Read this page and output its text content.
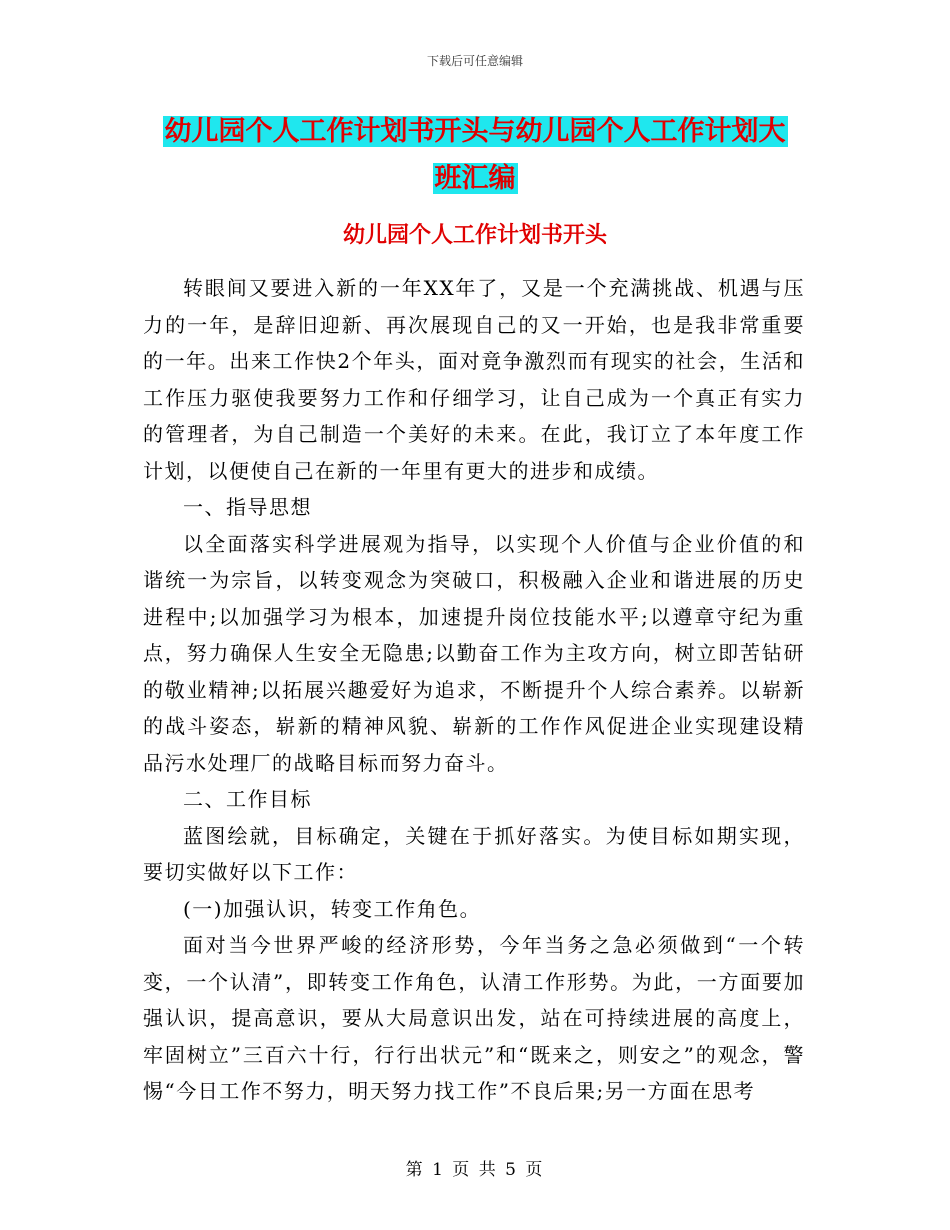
下载后可任意编辑
幼儿园个人工作计划书开头与幼儿园个人工作计划大
班汇编
幼儿园个人工作计划书开头

转眼间又要进入新的一年XX年了，又是一个充满挑战、机遇与压力的一年，是辞旧迎新、再次展现自己的又一开始，也是我非常重要的一年。出来工作快2个年头，面对竟争激烈而有现实的社会，生活和工作压力驱使我要努力工作和仔细学习，让自己成为一个真正有实力的管理者，为自己制造一个美好的未来。在此，我订立了本年度工作计划，以便使自己在新的一年里有更大的进步和成绩。

一、指导思想

以全面落实科学进展观为指导，以实现个人价值与企业价值的和谐统一为宗旨，以转变观念为突破口，积极融入企业和谐进展的历史进程中;以加强学习为根本，加速提升岗位技能水平;以遵章守纪为重点，努力确保人生安全无隐患;以勤奋工作为主攻方向，树立即苦钻研的敬业精神;以拓展兴趣爱好为追求，不断提升个人综合素养。以崭新的战斗姿态，崭新的精神风貌、崭新的工作作风促进企业实现建设精品污水处理厂的战略目标而努力奋斗。

二、工作目标

蓝图绘就，目标确定，关键在于抓好落实。为使目标如期实现，要切实做好以下工作：

(一)加强认识，转变工作角色。

面对当今世界严峻的经济形势，今年当务之急必须做到“一个转变，一个认清”，即转变工作角色，认清工作形势。为此，一方面要加强认识，提高意识，要从大局意识出发，站在可持续进展的高度上，牢固树立”三百六十行，行行出状元”和“既来之，则安之”的观念，警惕“今日工作不努力，明天努力找工作”不良后果;另一方面在思考

第 1 页 共 5 页
